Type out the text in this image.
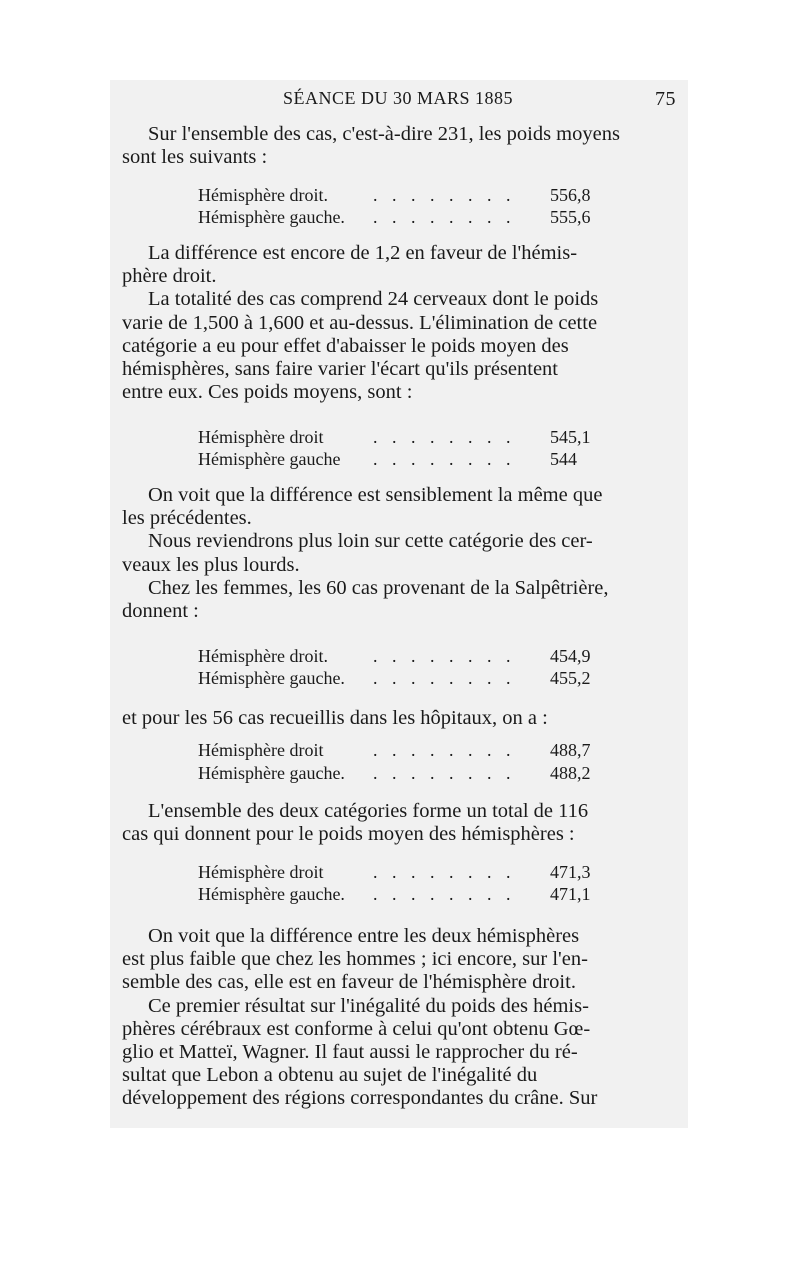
SÉANCE DU 30 MARS 1885	75
Sur l'ensemble des cas, c'est-à-dire 231, les poids moyens
sont les suivants :
Hémisphère droit.	. . . . . . . . 556,8
Hémisphère gauche. . . . . . . . . 555,6
La différence est encore de 1,2 en faveur de l'hémis-
phère droit.
La totalité des cas comprend 24 cerveaux dont le poids
varie de 1,500 à 1,600 et au-dessus. L'élimination de cette
catégorie a eu pour effet d'abaisser le poids moyen des
hémisphères, sans faire varier l'écart qu'ils présentent
entre eux. Ces poids moyens, sont :
Hémisphère droit	. . . . . . . . 545,1
Hémisphère gauche . . . . . . . . 544
On voit que la différence est sensiblement la même que
les précédentes.
Nous reviendrons plus loin sur cette catégorie des cer-
veaux les plus lourds.
Chez les femmes, les 60 cas provenant de la Salpêtrière,
donnent :
Hémisphère droit.	. . . . . . . . 454,9
Hémisphère gauche. . . . . . . . . 455,2
et pour les 56 cas recueillis dans les hôpitaux, on a :
Hémisphère droit	. . . . . . . . 488,7
Hémisphère gauche. . . . . . . . . 488,2
L'ensemble des deux catégories forme un total de 116
cas qui donnent pour le poids moyen des hémisphères :
Hémisphère droit	. . . . . . . . 471,3
Hémisphère gauche. . . . . . . . . 471,1
On voit que la différence entre les deux hémisphères
est plus faible que chez les hommes ; ici encore, sur l'en-
semble des cas, elle est en faveur de l'hémisphère droit.
Ce premier résultat sur l'inégalité du poids des hémis-
phères cérébraux est conforme à celui qu'ont obtenu Gœ-
glio et Matteï, Wagner. Il faut aussi le rapprocher du ré-
sultat que Lebon a obtenu au sujet de l'inégalité du
développement des régions correspondantes du crâne. Sur
